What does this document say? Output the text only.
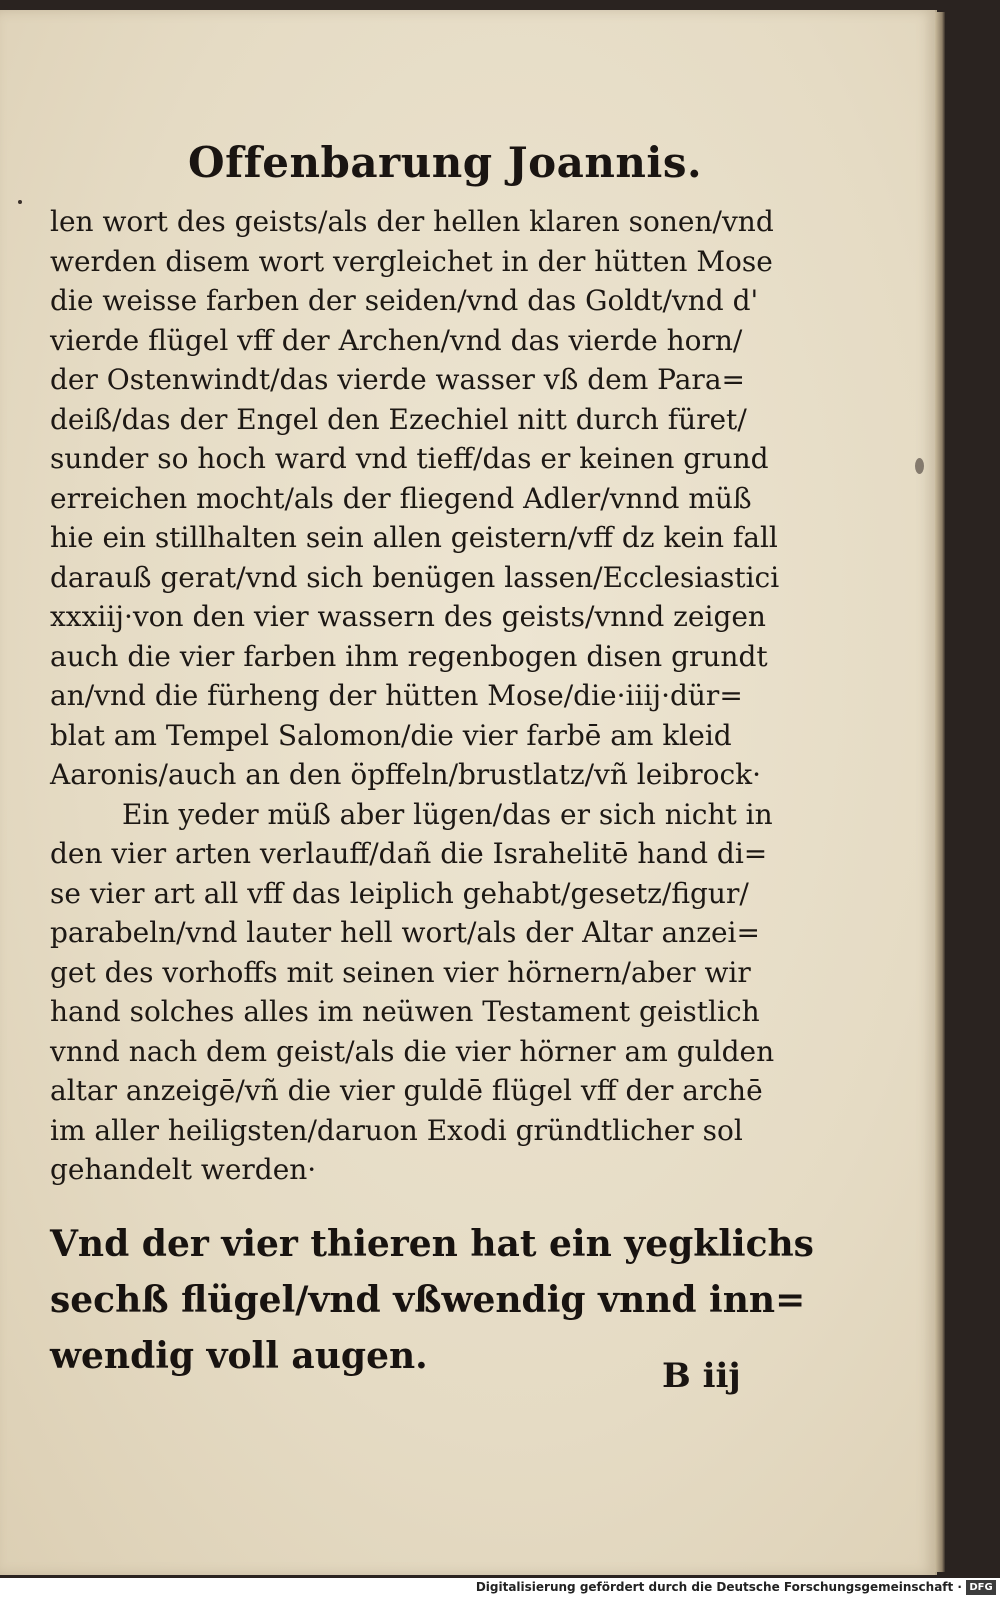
Offenbarung Joannis.
len wort des geists/als der hellen klaren sonen/vnd
werden disem wort vergleichet in der hütten Mose
die weisse farben der seiden/vnd das Goldt/vnd d'
vierde flügel vff der Archen/vnd das vierde horn/
der Ostenwindt/das vierde wasser vß dem Para=
deiß/das der Engel den Ezechiel nitt durch füret/
sunder so hoch ward vnd tieff/das er keinen grund
erreichen mocht/als der fliegend Adler/vnnd müß
hie ein stillhalten sein allen geistern/vff dz kein fall
darauß gerat/vnd sich benügen lassen/Ecclesiastici
xxxiij·von den vier wassern des geists/vnnd zeigen
auch die vier farben ihm regenbogen disen grundt
an/vnd die fürheng der hütten Mose/die·iiij·dür=
blat am Tempel Salomon/die vier farbē am kleid
Aaronis/auch an den öpffeln/brustlatz/vñ leibrock·
Ein yeder müß aber lügen/das er sich nicht in
den vier arten verlauff/dañ die Israhelitē hand di=
se vier art all vff das leiplich gehabt/gesetz/figur/
parabeln/vnd lauter hell wort/als der Altar anzei=
get des vorhoffs mit seinen vier hörnern/aber wir
hand solches alles im neüwen Testament geistlich
vnnd nach dem geist/als die vier hörner am gulden
altar anzeigē/vñ die vier guldē flügel vff der archē
im aller heiligsten/daruon Exodi gründtlicher sol
gehandelt werden·
Vnd der vier thieren hat ein yegklichs
sechß flügel/vnd vßwendig vnnd inn=
wendig voll augen.	B iij
Digitalisierung gefördert durch die Deutsche Forschungsgemeinschaft · DFG
